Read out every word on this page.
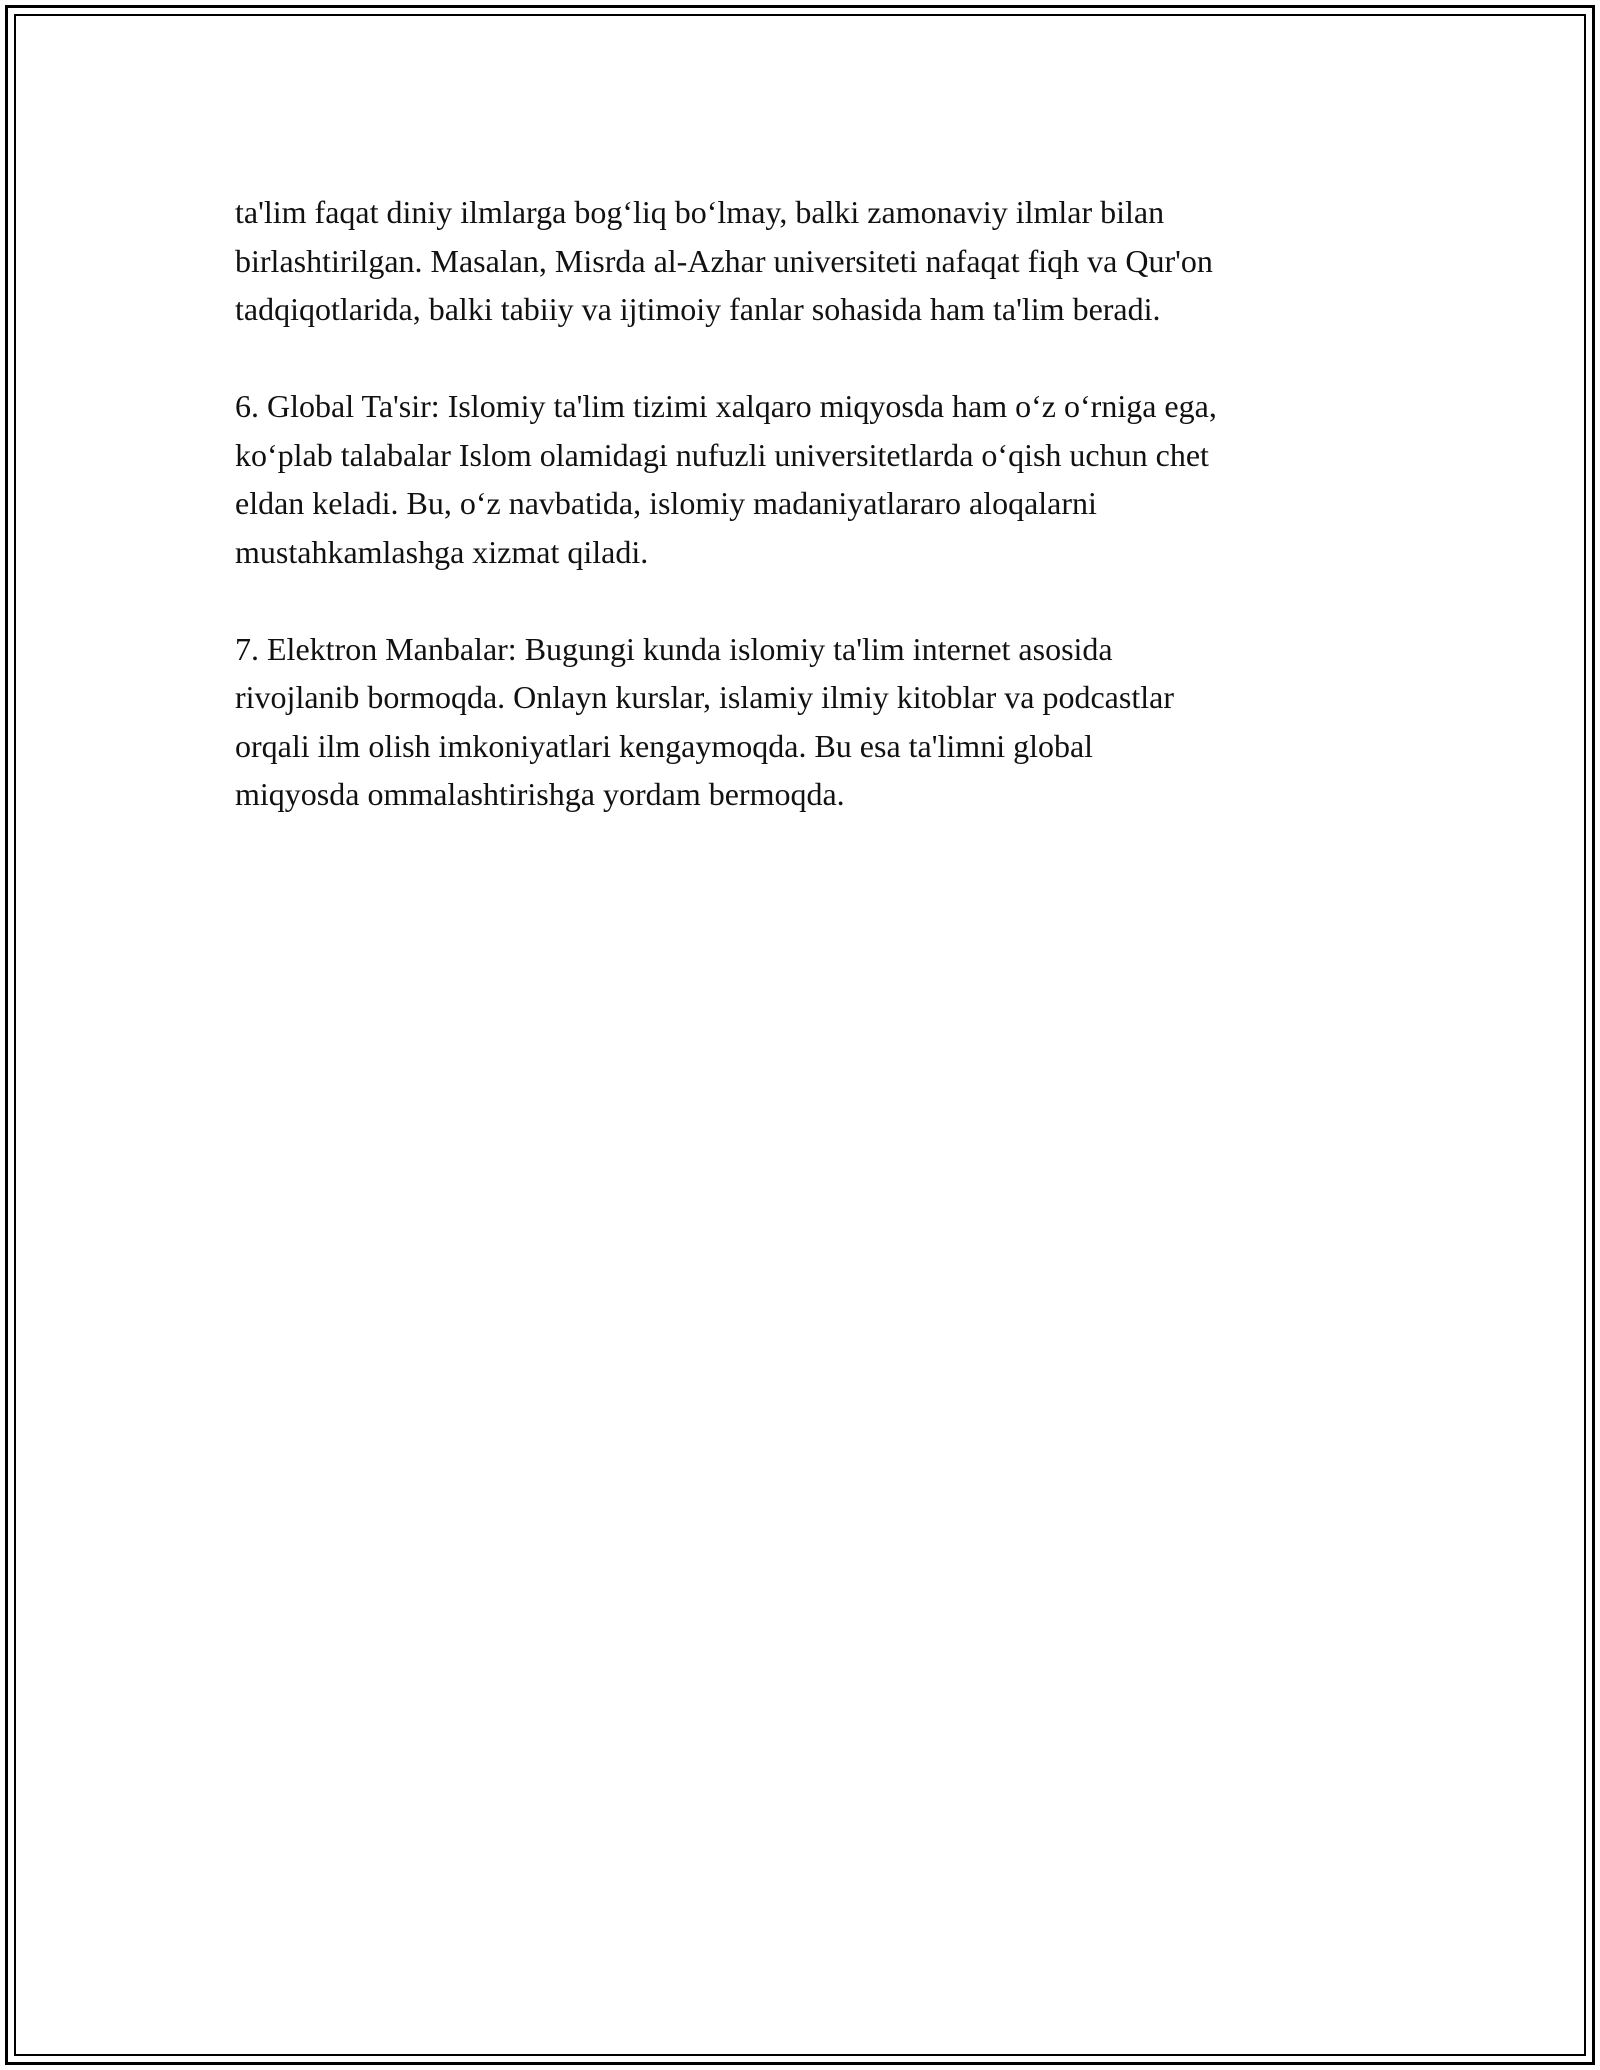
ta'lim faqat diniy ilmlarga bog‘liq bo‘lmay, balki zamonaviy ilmlar bilan
birlashtirilgan. Masalan, Misrda al-Azhar universiteti nafaqat fiqh va Qur'on
tadqiqotlarida, balki tabiiy va ijtimoiy fanlar sohasida ham ta'lim beradi.

6. Global Ta'sir: Islomiy ta'lim tizimi xalqaro miqyosda ham o‘z o‘rniga ega,
ko‘plab talabalar Islom olamidagi nufuzli universitetlarda o‘qish uchun chet
eldan keladi. Bu, o‘z navbatida, islomiy madaniyatlararo aloqalarni
mustahkamlashga xizmat qiladi.

7. Elektron Manbalar: Bugungi kunda islomiy ta'lim internet asosida
rivojlanib bormoqda. Onlayn kurslar, islamiy ilmiy kitoblar va podcastlar
orqali ilm olish imkoniyatlari kengaymoqda. Bu esa ta'limni global
miqyosda ommalashtirishga yordam bermoqda.
